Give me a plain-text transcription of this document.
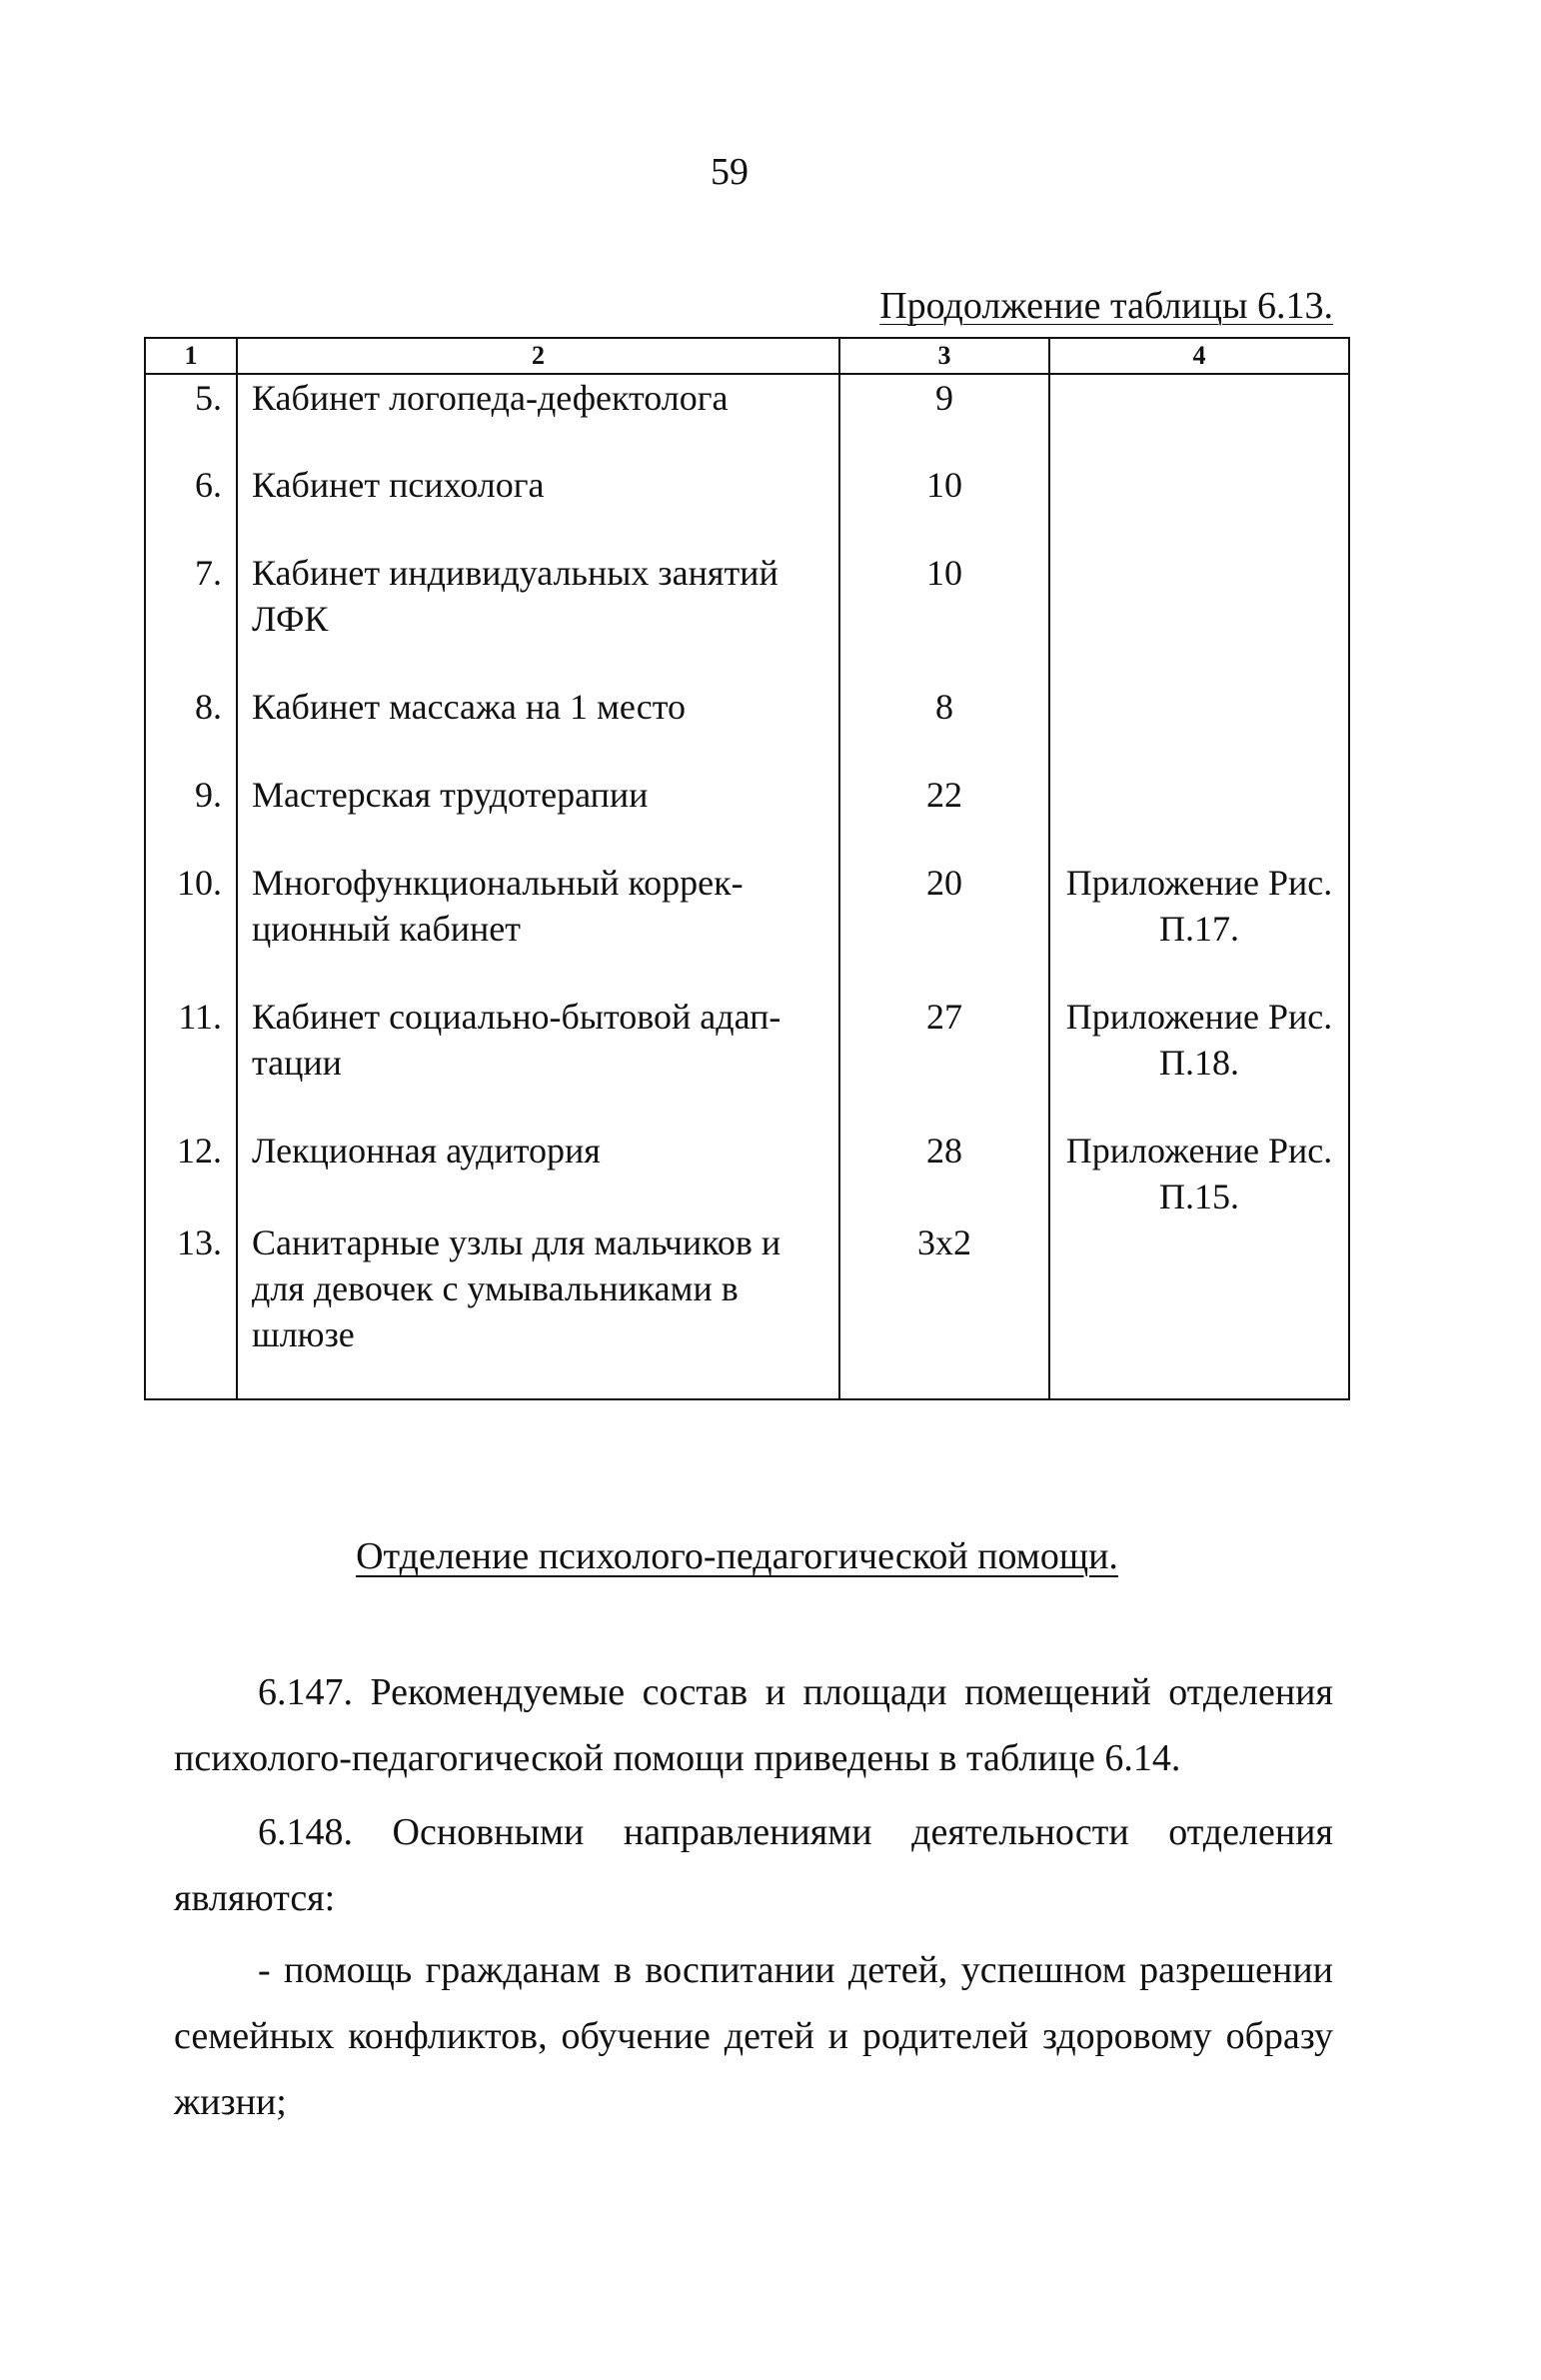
59
Продолжение таблицы 6.13.
1	2	3	4
5.	Кабинет логопеда-дефектолога	9	
6.	Кабинет психолога	10	
7.	Кабинет индивидуальных занятий ЛФК	10	
8.	Кабинет массажа на 1 место	8	
9.	Мастерская трудотерапии	22	
10.	Многофункциональный коррек-ционный кабинет	20	Приложение Рис. П.17.
11.	Кабинет социально-бытовой адап-тации	27	Приложение Рис. П.18.
12.	Лекционная аудитория	28	Приложение Рис. П.15.
13.	Санитарные узлы для мальчиков и для девочек с умывальниками в шлюзе	3x2	
Отделение психолого-педагогической помощи.

6.147. Рекомендуемые состав и площади помещений отделения психолого-педагогической помощи приведены в таблице 6.14.

6.148. Основными направлениями деятельности отделения являются:

- помощь гражданам в воспитании детей, успешном разрешении семейных конфликтов, обучение детей и родителей здоровому образу жизни;
